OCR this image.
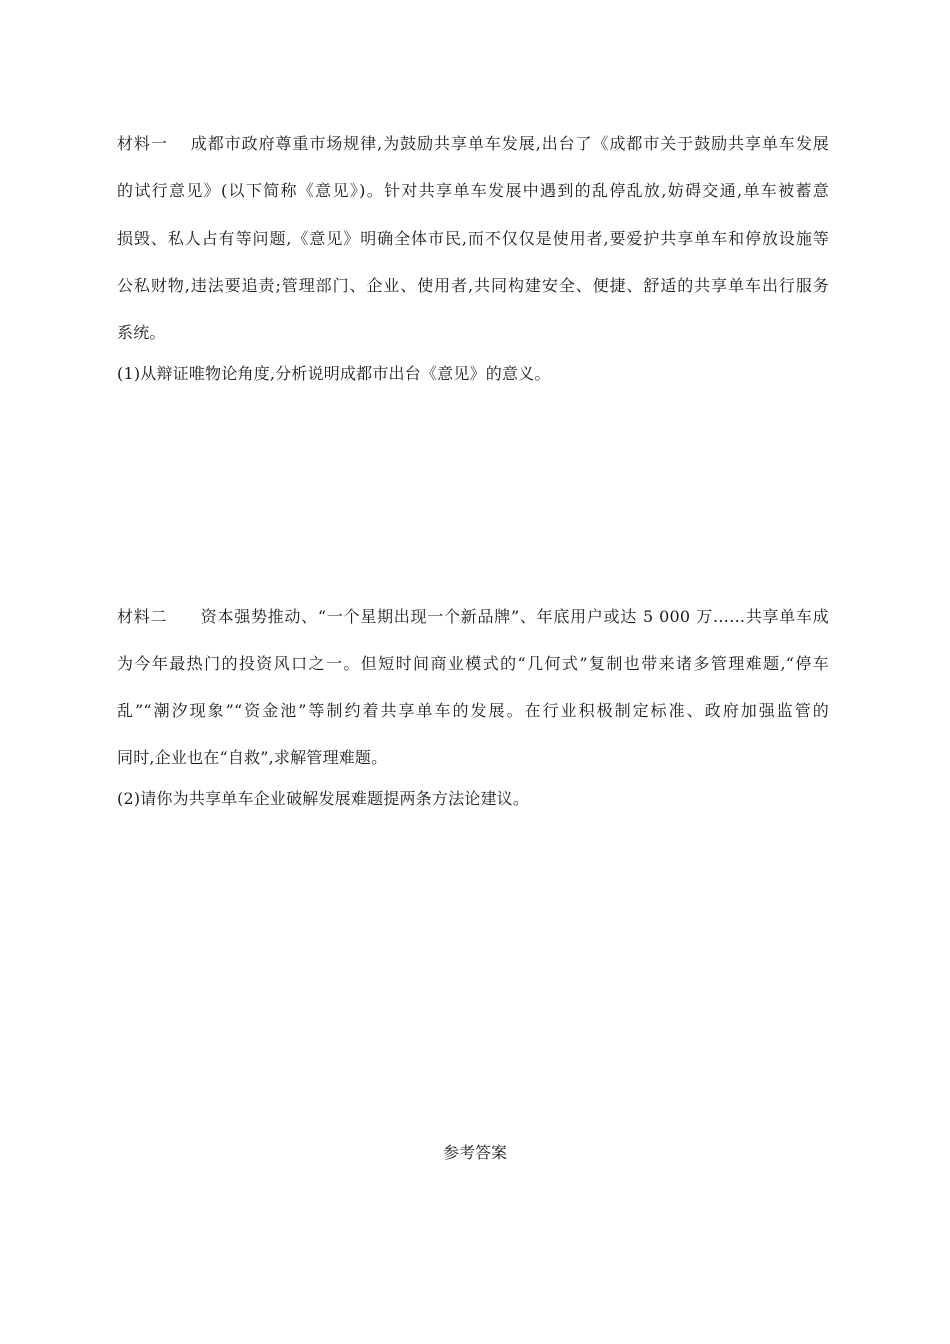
材料一　 成都市政府尊重市场规律,为鼓励共享单车发展,出台了《成都市关于鼓励共享单车发展
的试行意见》(以下简称《意见》)。针对共享单车发展中遇到的乱停乱放,妨碍交通,单车被蓄意
损毁、私人占有等问题,《意见》明确全体市民,而不仅仅是使用者,要爱护共享单车和停放设施等
公私财物,违法要追责;管理部门、企业、使用者,共同构建安全、便捷、舒适的共享单车出行服务
系统。
(1)从辩证唯物论角度,分析说明成都市出台《意见》的意义。
材料二　　资本强势推动、“一个星期出现一个新品牌”、年底用户或达 5 000 万……共享单车成
为今年最热门的投资风口之一。但短时间商业模式的“几何式”复制也带来诸多管理难题,“停车
乱”“潮汐现象”“资金池”等制约着共享单车的发展。在行业积极制定标准、政府加强监管的
同时,企业也在“自救”,求解管理难题。
(2)请你为共享单车企业破解发展难题提两条方法论建议。
参考答案
